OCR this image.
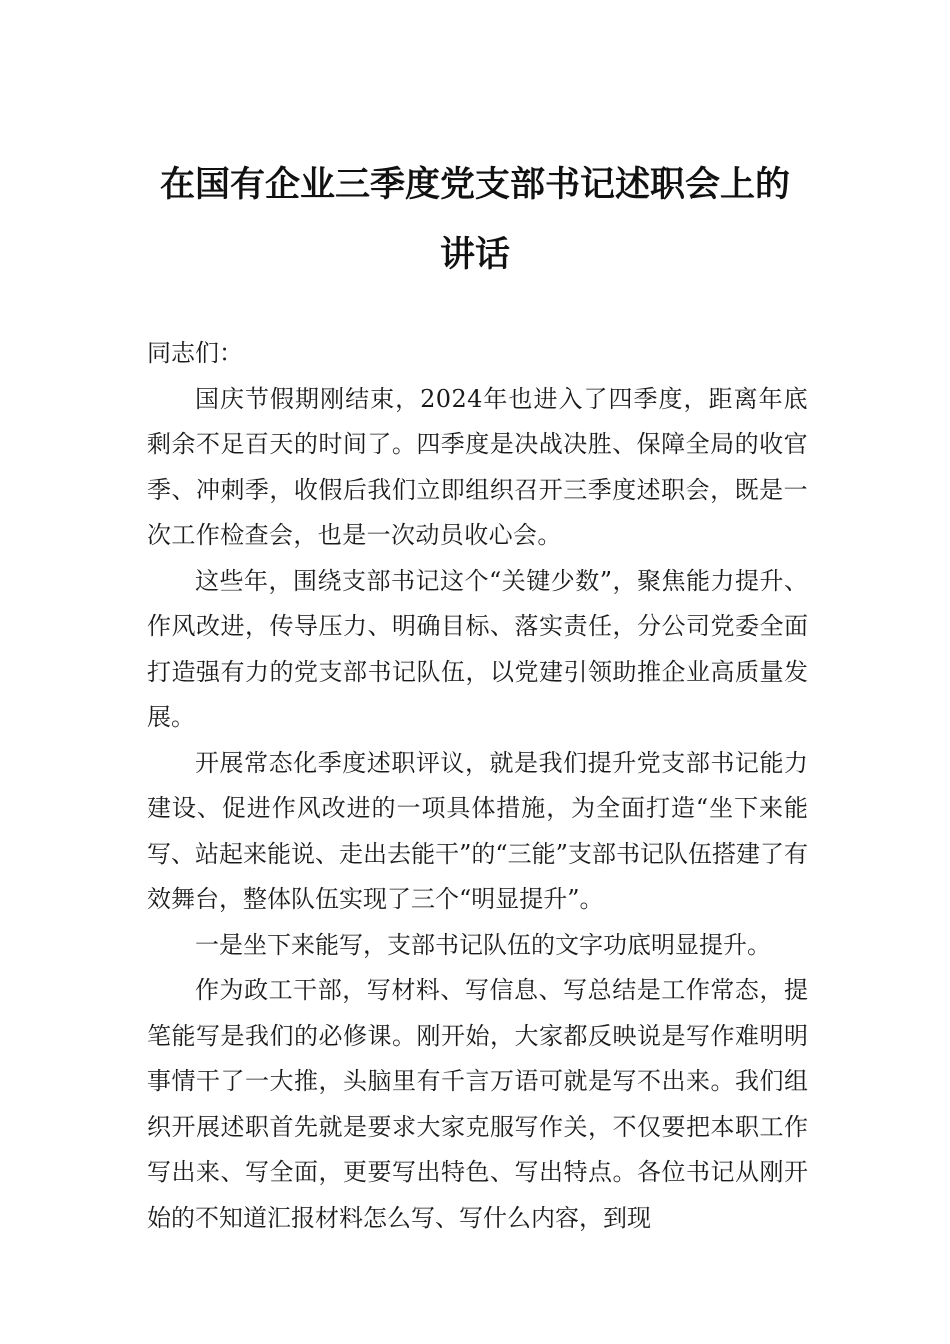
在国有企业三季度党支部书记述职会上的
讲话

同志们：

国庆节假期刚结束，2024年也进入了四季度，距离年底剩余不足百天的时间了。四季度是决战决胜、保障全局的收官季、冲刺季，收假后我们立即组织召开三季度述职会，既是一次工作检查会，也是一次动员收心会。

这些年，围绕支部书记这个“关键少数”，聚焦能力提升、作风改进，传导压力、明确目标、落实责任，分公司党委全面打造强有力的党支部书记队伍，以党建引领助推企业高质量发展。

开展常态化季度述职评议，就是我们提升党支部书记能力建设、促进作风改进的一项具体措施，为全面打造“坐下来能写、站起来能说、走出去能干”的“三能”支部书记队伍搭建了有效舞台，整体队伍实现了三个“明显提升”。

一是坐下来能写，支部书记队伍的文字功底明显提升。

作为政工干部，写材料、写信息、写总结是工作常态，提笔能写是我们的必修课。刚开始，大家都反映说是写作难明明事情干了一大推，头脑里有千言万语可就是写不出来。我们组织开展述职首先就是要求大家克服写作关，不仅要把本职工作写出来、写全面，更要写出特色、写出特点。各位书记从刚开始的不知道汇报材料怎么写、写什么内容，到现
